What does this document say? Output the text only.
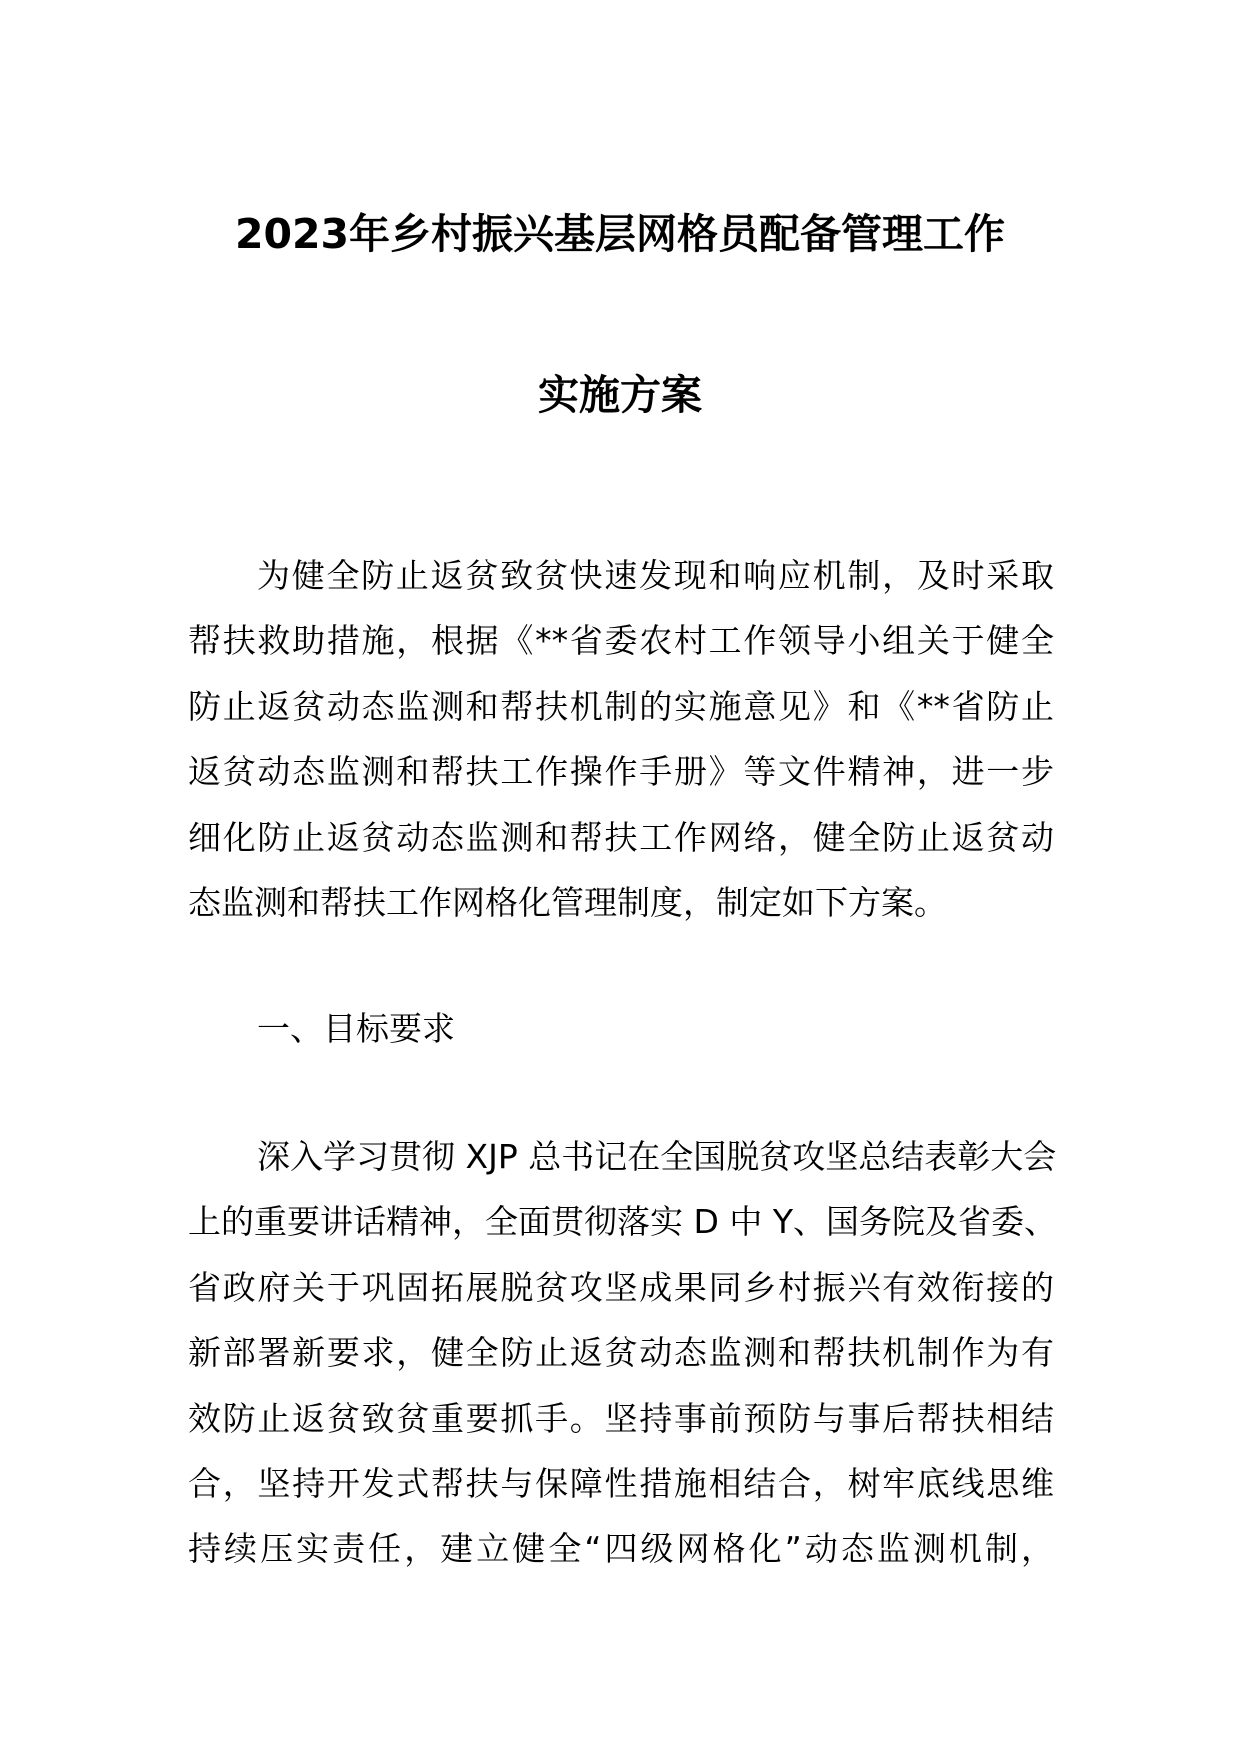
2023年乡村振兴基层网格员配备管理工作
实施方案
为健全防止返贫致贫快速发现和响应机制，及时采取
帮扶救助措施，根据《**省委农村工作领导小组关于健全
防止返贫动态监测和帮扶机制的实施意见》和《**省防止
返贫动态监测和帮扶工作操作手册》等文件精神，进一步
细化防止返贫动态监测和帮扶工作网络，健全防止返贫动
态监测和帮扶工作网格化管理制度，制定如下方案。
一、目标要求
深入学习贯彻 XJP 总书记在全国脱贫攻坚总结表彰大会
上的重要讲话精神，全面贯彻落实 D 中 Y、国务院及省委、
省政府关于巩固拓展脱贫攻坚成果同乡村振兴有效衔接的
新部署新要求，健全防止返贫动态监测和帮扶机制作为有
效防止返贫致贫重要抓手。坚持事前预防与事后帮扶相结
合，坚持开发式帮扶与保障性措施相结合，树牢底线思维
持续压实责任，建立健全“四级网格化”动态监测机制，
